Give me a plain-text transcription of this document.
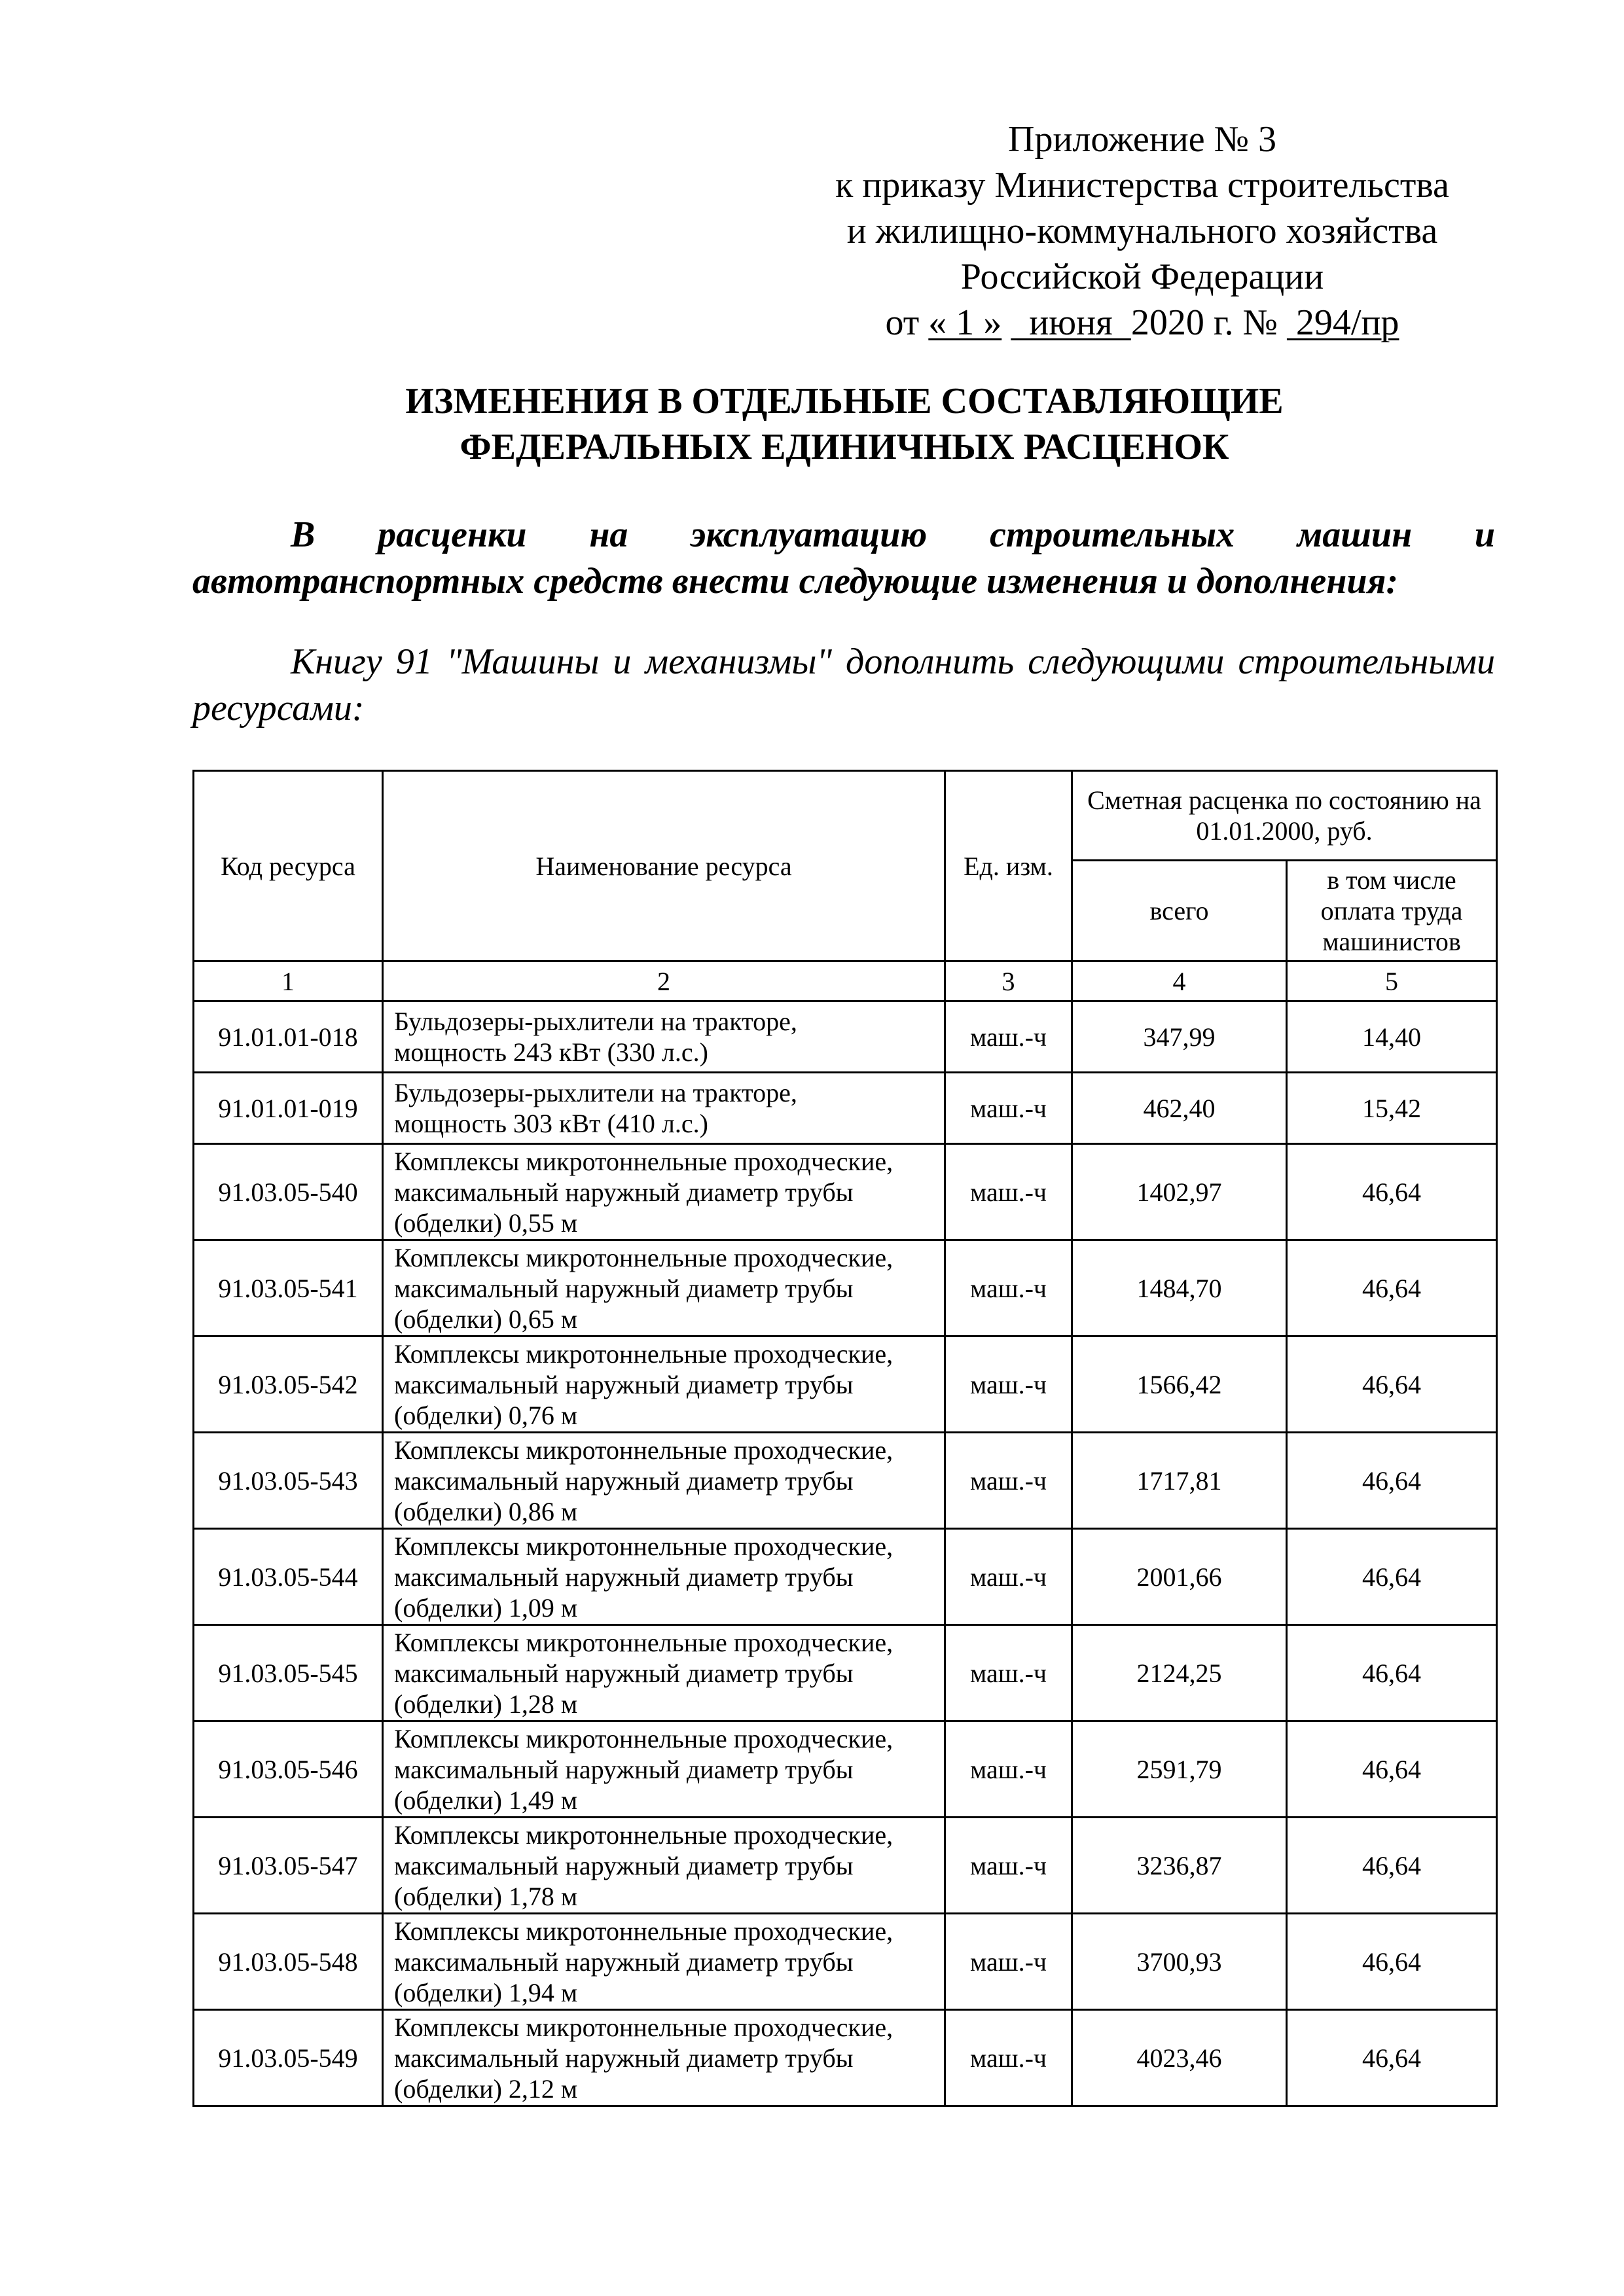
Приложение № 3
к приказу Министерства строительства
и жилищно-коммунального хозяйства
Российской Федерации
от « 1 »   июня  2020 г. №  294/пр
ИЗМЕНЕНИЯ В ОТДЕЛЬНЫЕ СОСТАВЛЯЮЩИЕ
ФЕДЕРАЛЬНЫХ ЕДИНИЧНЫХ РАСЦЕНОК
В расценки на эксплуатацию строительных машин и автотранспортных средств внести следующие изменения и дополнения:
Книгу 91 "Машины и механизмы" дополнить следующими строительными ресурсами:
Код ресурса	Наименование ресурса	Ед. изм.	Сметная расценка по состоянию на 01.01.2000, руб.	
			всего	в том числе оплата труда машинистов
1	2	3	4	5
91.01.01-018	Бульдозеры-рыхлители на тракторе,
мощность 243 кВт (330 л.с.)	маш.-ч	347,99	14,40
91.01.01-019	Бульдозеры-рыхлители на тракторе,
мощность 303 кВт (410 л.с.)	маш.-ч	462,40	15,42
91.03.05-540	Комплексы микротоннельные проходческие,
максимальный наружный диаметр трубы
(обделки) 0,55 м	маш.-ч	1402,97	46,64
91.03.05-541	Комплексы микротоннельные проходческие,
максимальный наружный диаметр трубы
(обделки) 0,65 м	маш.-ч	1484,70	46,64
91.03.05-542	Комплексы микротоннельные проходческие,
максимальный наружный диаметр трубы
(обделки) 0,76 м	маш.-ч	1566,42	46,64
91.03.05-543	Комплексы микротоннельные проходческие,
максимальный наружный диаметр трубы
(обделки) 0,86 м	маш.-ч	1717,81	46,64
91.03.05-544	Комплексы микротоннельные проходческие,
максимальный наружный диаметр трубы
(обделки) 1,09 м	маш.-ч	2001,66	46,64
91.03.05-545	Комплексы микротоннельные проходческие,
максимальный наружный диаметр трубы
(обделки) 1,28 м	маш.-ч	2124,25	46,64
91.03.05-546	Комплексы микротоннельные проходческие,
максимальный наружный диаметр трубы
(обделки) 1,49 м	маш.-ч	2591,79	46,64
91.03.05-547	Комплексы микротоннельные проходческие,
максимальный наружный диаметр трубы
(обделки) 1,78 м	маш.-ч	3236,87	46,64
91.03.05-548	Комплексы микротоннельные проходческие,
максимальный наружный диаметр трубы
(обделки) 1,94 м	маш.-ч	3700,93	46,64
91.03.05-549	Комплексы микротоннельные проходческие,
максимальный наружный диаметр трубы
(обделки) 2,12 м	маш.-ч	4023,46	46,64
